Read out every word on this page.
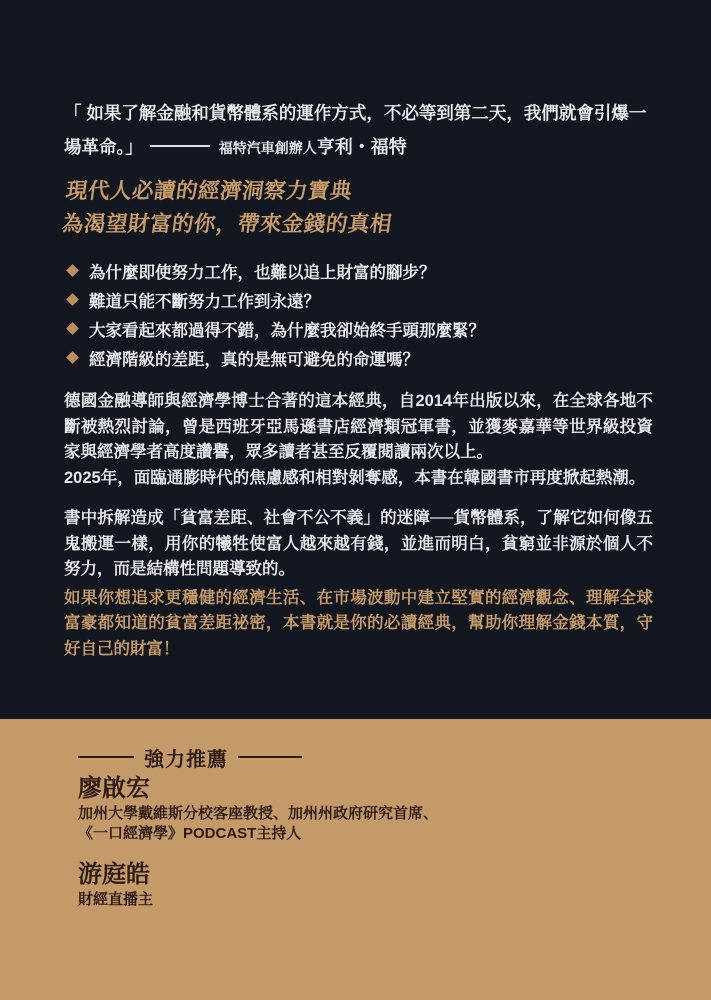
「 如果了解金融和貨幣體系的運作方式，不必等到第二天，我們就會引爆一場革命。」	福特汽車創辦人亨利・福特

現代人必讀的經濟洞察力寶典
為渴望財富的你，帶來金錢的真相
為什麼即使努力工作，也難以追上財富的腳步？
難道只能不斷努力工作到永遠？
大家看起來都過得不錯，為什麼我卻始終手頭那麼緊？
經濟階級的差距，真的是無可避免的命運嗎？

德國金融導師與經濟學博士合著的這本經典，自2014年出版以來，在全球各地不斷被熱烈討論，曾是西班牙亞馬遜書店經濟類冠軍書，並獲麥嘉華等世界級投資家與經濟學者高度讚譽，眾多讀者甚至反覆閱讀兩次以上。

2025年，面臨通膨時代的焦慮感和相對剝奪感，本書在韓國書市再度掀起熱潮。

書中拆解造成「貧富差距、社會不公不義」的迷障──貨幣體系，了解它如何像五鬼搬運一樣，用你的犧牲使富人越來越有錢，並進而明白，貧窮並非源於個人不努力，而是結構性問題導致的。

如果你想追求更穩健的經濟生活、在市場波動中建立堅實的經濟觀念、理解全球富豪都知道的貧富差距祕密，本書就是你的必讀經典，幫助你理解金錢本質，守好自己的財富！

強力推薦
廖啟宏
加州大學戴維斯分校客座教授、加州州政府研究首席、
《一口經濟學》PODCAST主持人
游庭皓
財經直播主
